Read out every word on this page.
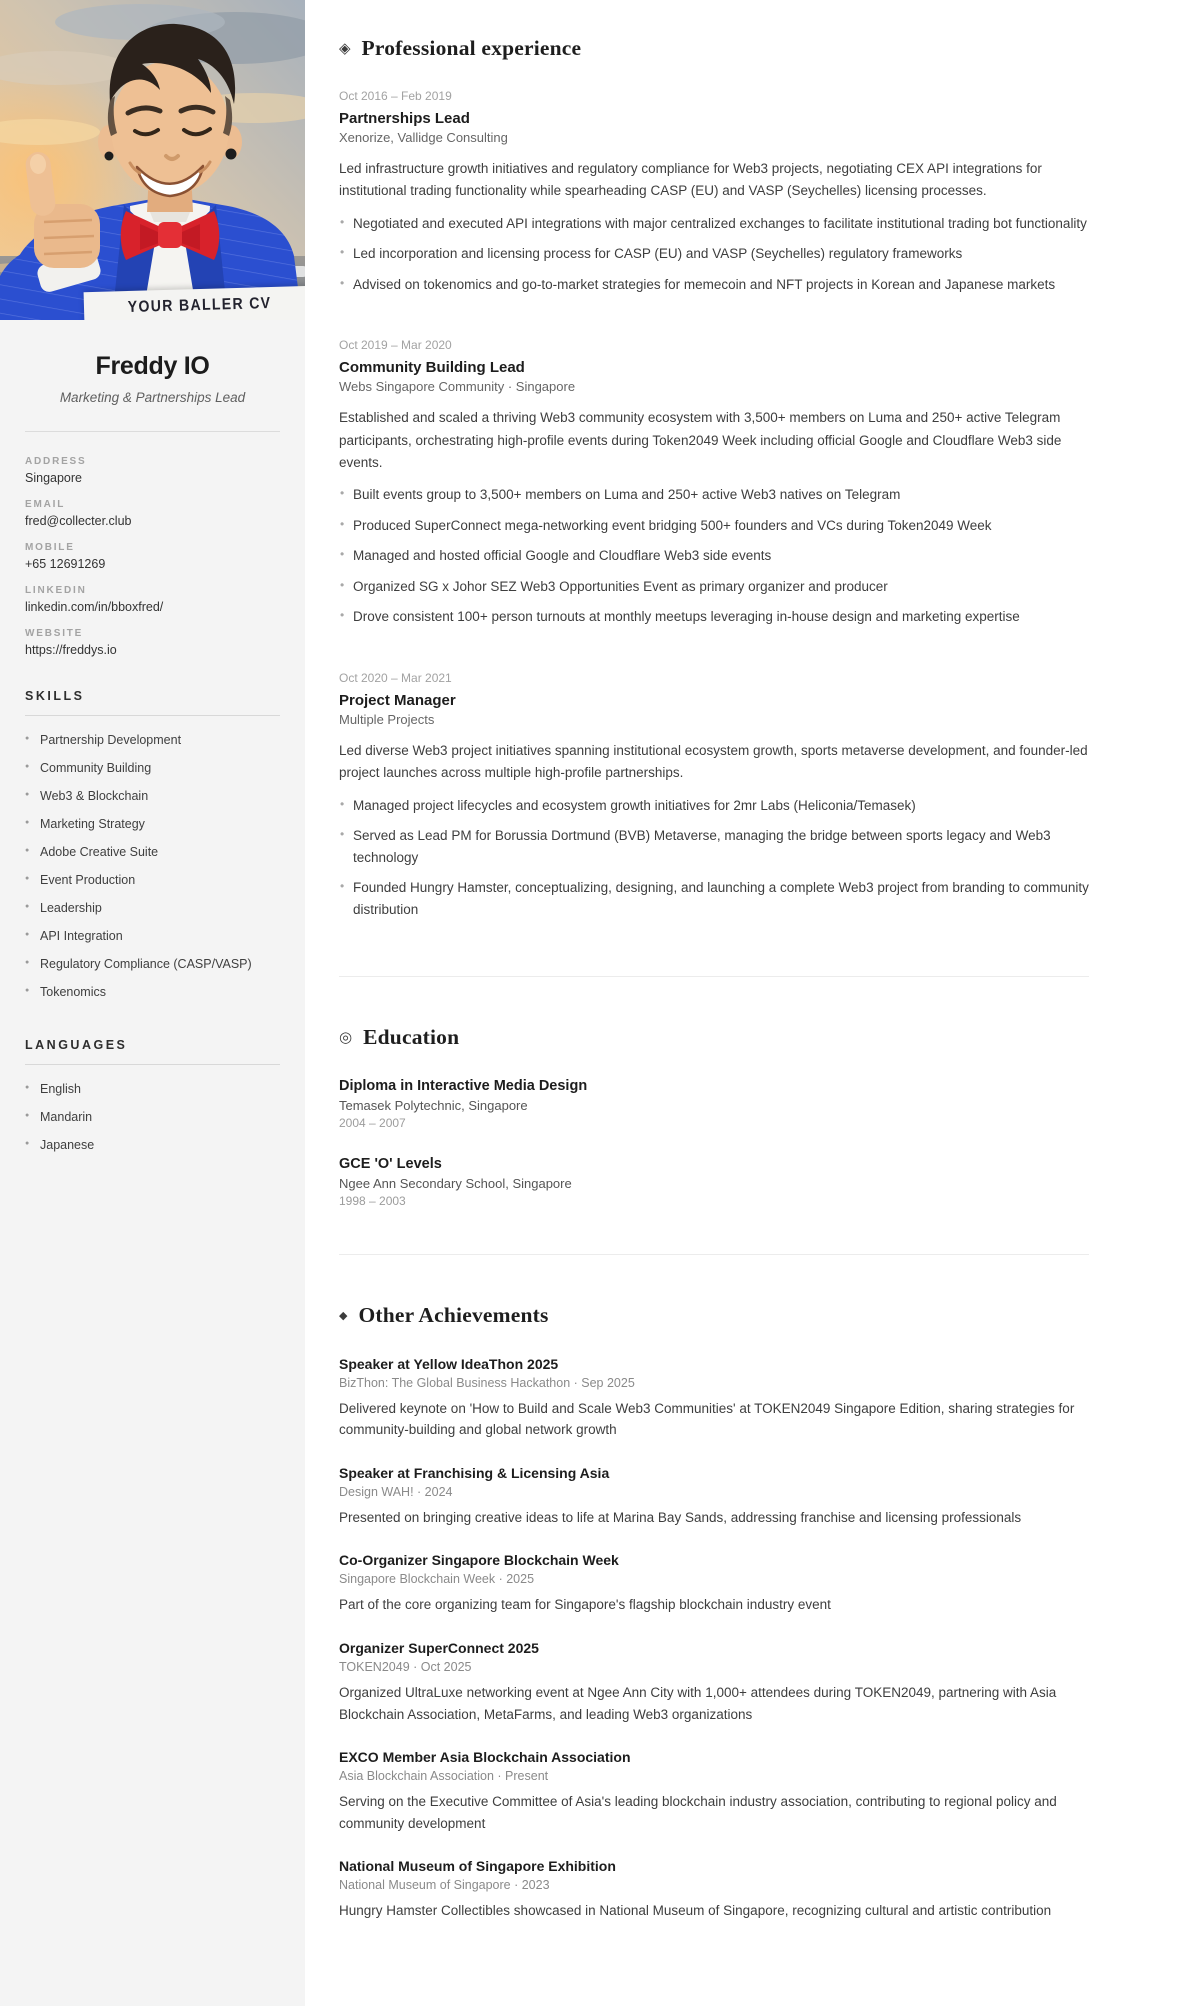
YOUR BALLER CV
Freddy IO
Marketing & Partnerships Lead
ADDRESS
Singapore
EMAIL
fred@collecter.club
MOBILE
+65 12691269
LINKEDIN
linkedin.com/in/bboxfred/
WEBSITE
https://freddys.io
SKILLS
● Partnership Development
● Community Building
● Web3 & Blockchain
● Marketing Strategy
● Adobe Creative Suite
● Event Production
● Leadership
● API Integration
● Regulatory Compliance (CASP/VASP)
● Tokenomics
LANGUAGES
● English
● Mandarin
● Japanese
◈ Professional experience
Oct 2016 – Feb 2019
Partnerships Lead
Xenorize, Vallidge Consulting

Led infrastructure growth initiatives and regulatory compliance for Web3 projects, negotiating CEX API integrations for institutional trading functionality while spearheading CASP (EU) and VASP (Seychelles) licensing processes.

• Negotiated and executed API integrations with major centralized exchanges to facilitate institutional trading bot functionality
• Led incorporation and licensing process for CASP (EU) and VASP (Seychelles) regulatory frameworks
• Advised on tokenomics and go-to-market strategies for memecoin and NFT projects in Korean and Japanese markets
Oct 2019 – Mar 2020
Community Building Lead
Webs Singapore Community · Singapore

Established and scaled a thriving Web3 community ecosystem with 3,500+ members on Luma and 250+ active Telegram participants, orchestrating high-profile events during Token2049 Week including official Google and Cloudflare Web3 side events.

• Built events group to 3,500+ members on Luma and 250+ active Web3 natives on Telegram
• Produced SuperConnect mega-networking event bridging 500+ founders and VCs during Token2049 Week
• Managed and hosted official Google and Cloudflare Web3 side events
• Organized SG x Johor SEZ Web3 Opportunities Event as primary organizer and producer
• Drove consistent 100+ person turnouts at monthly meetups leveraging in-house design and marketing expertise
Oct 2020 – Mar 2021
Project Manager
Multiple Projects

Led diverse Web3 project initiatives spanning institutional ecosystem growth, sports metaverse development, and founder-led project launches across multiple high-profile partnerships.

• Managed project lifecycles and ecosystem growth initiatives for 2mr Labs (Heliconia/Temasek)
• Served as Lead PM for Borussia Dortmund (BVB) Metaverse, managing the bridge between sports legacy and Web3 technology
• Founded Hungry Hamster, conceptualizing, designing, and launching a complete Web3 project from branding to community distribution
◎ Education
Diploma in Interactive Media Design
Temasek Polytechnic, Singapore
2004 – 2007
GCE 'O' Levels
Ngee Ann Secondary School, Singapore
1998 – 2003
◆ Other Achievements
Speaker at Yellow IdeaThon 2025
BizThon: The Global Business Hackathon · Sep 2025

Delivered keynote on 'How to Build and Scale Web3 Communities' at TOKEN2049 Singapore Edition, sharing strategies for community-building and global network growth

Speaker at Franchising & Licensing Asia
Design WAH! · 2024

Presented on bringing creative ideas to life at Marina Bay Sands, addressing franchise and licensing professionals

Co-Organizer Singapore Blockchain Week
Singapore Blockchain Week · 2025

Part of the core organizing team for Singapore's flagship blockchain industry event

Organizer SuperConnect 2025
TOKEN2049 · Oct 2025

Organized UltraLuxe networking event at Ngee Ann City with 1,000+ attendees during TOKEN2049, partnering with Asia Blockchain Association, MetaFarms, and leading Web3 organizations

EXCO Member Asia Blockchain Association
Asia Blockchain Association · Present

Serving on the Executive Committee of Asia's leading blockchain industry association, contributing to regional policy and community development

National Museum of Singapore Exhibition
National Museum of Singapore · 2023

Hungry Hamster Collectibles showcased in National Museum of Singapore, recognizing cultural and artistic contribution
